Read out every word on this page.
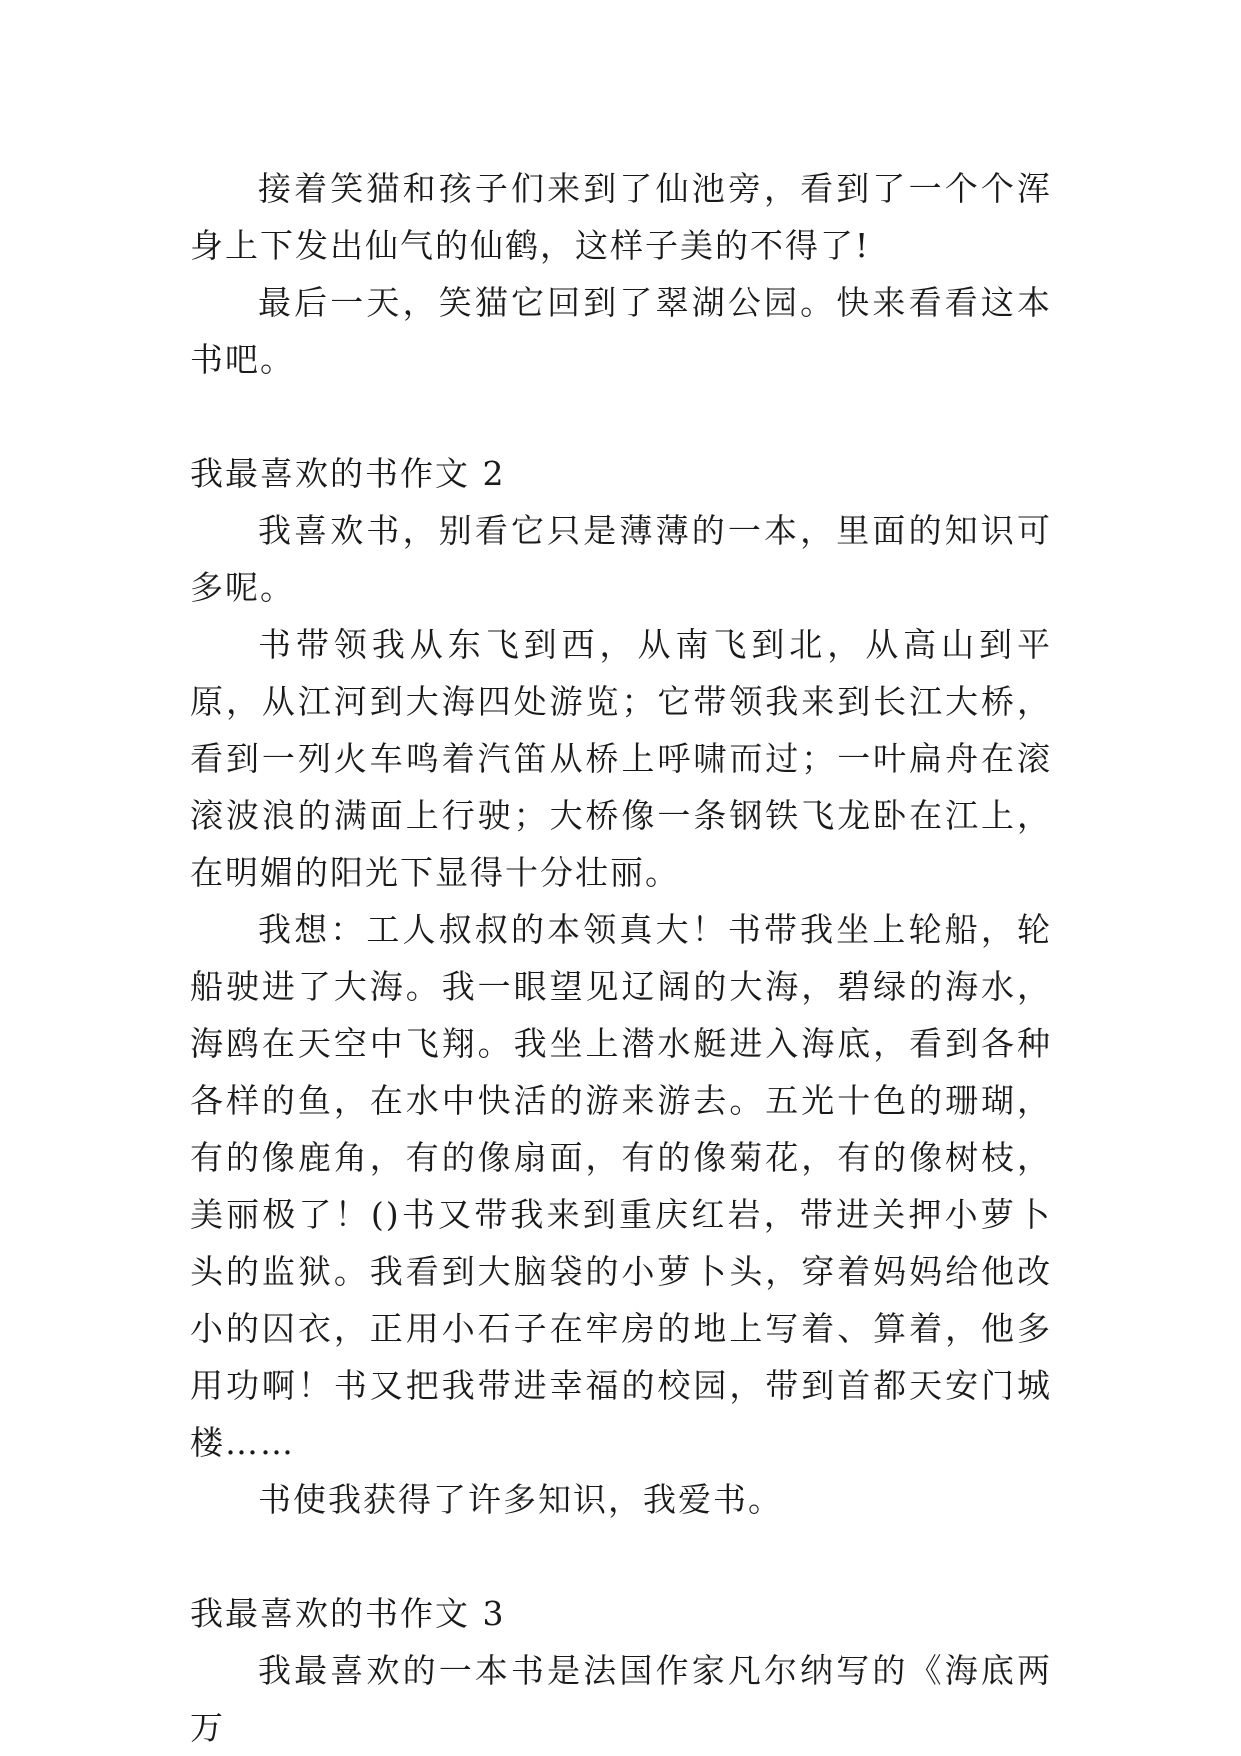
接着笑猫和孩子们来到了仙池旁，看到了一个个浑身上下发出仙气的仙鹤，这样子美的不得了!

最后一天，笑猫它回到了翠湖公园。快来看看这本书吧。

我最喜欢的书作文 2

我喜欢书，别看它只是薄薄的一本，里面的知识可多呢。

书带领我从东飞到西，从南飞到北，从高山到平原，从江河到大海四处游览；它带领我来到长江大桥，看到一列火车鸣着汽笛从桥上呼啸而过；一叶扁舟在滚滚波浪的满面上行驶；大桥像一条钢铁飞龙卧在江上，在明媚的阳光下显得十分壮丽。

我想：工人叔叔的本领真大！书带我坐上轮船，轮船驶进了大海。我一眼望见辽阔的大海，碧绿的海水，海鸥在天空中飞翔。我坐上潜水艇进入海底，看到各种各样的鱼，在水中快活的游来游去。五光十色的珊瑚，有的像鹿角，有的像扇面，有的像菊花，有的像树枝，美丽极了！()书又带我来到重庆红岩，带进关押小萝卜头的监狱。我看到大脑袋的小萝卜头，穿着妈妈给他改小的囚衣，正用小石子在牢房的地上写着、算着，他多用功啊！书又把我带进幸福的校园，带到首都天安门城楼……

书使我获得了许多知识，我爱书。

我最喜欢的书作文 3

我最喜欢的一本书是法国作家凡尔纳写的《海底两万
